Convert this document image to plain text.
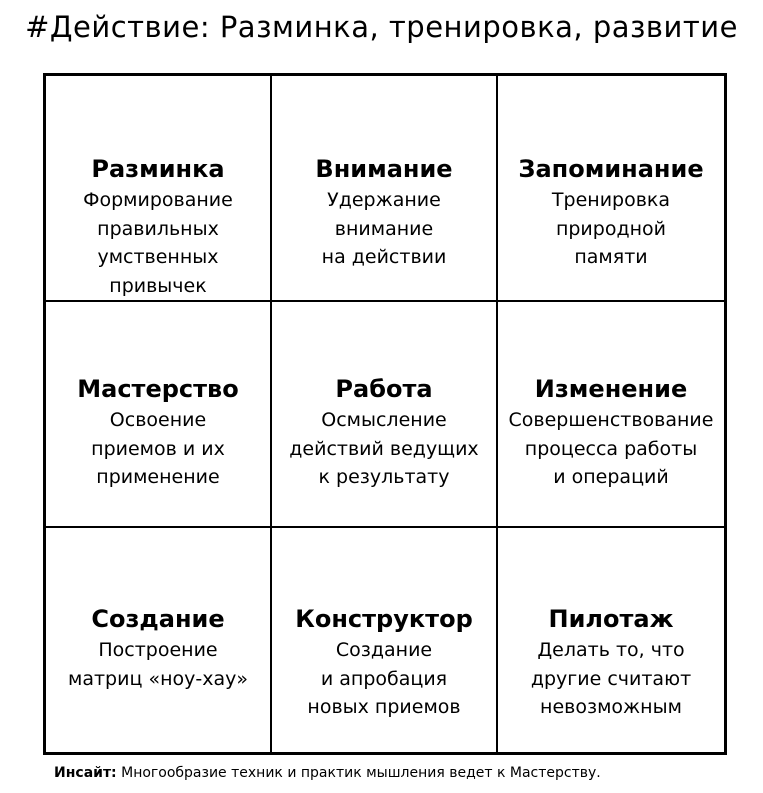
#Действие: Разминка, тренировка, развитие
Разминка
Формирование
правильных
умственных
привычек
Внимание
Удержание
внимание
на действии
Запоминание
Тренировка
природной
памяти
Мастерство
Освоение
приемов и их
применение
Работа
Осмысление
действий ведущих
к результату
Изменение
Совершенствование
процесса работы
и операций
Создание
Построение
матриц «ноу-хау»
Конструктор
Создание
и апробация
новых приемов
Пилотаж
Делать то, что
другие считают
невозможным
Инсайт: Многообразие техник и практик мышления ведет к Мастерству.
